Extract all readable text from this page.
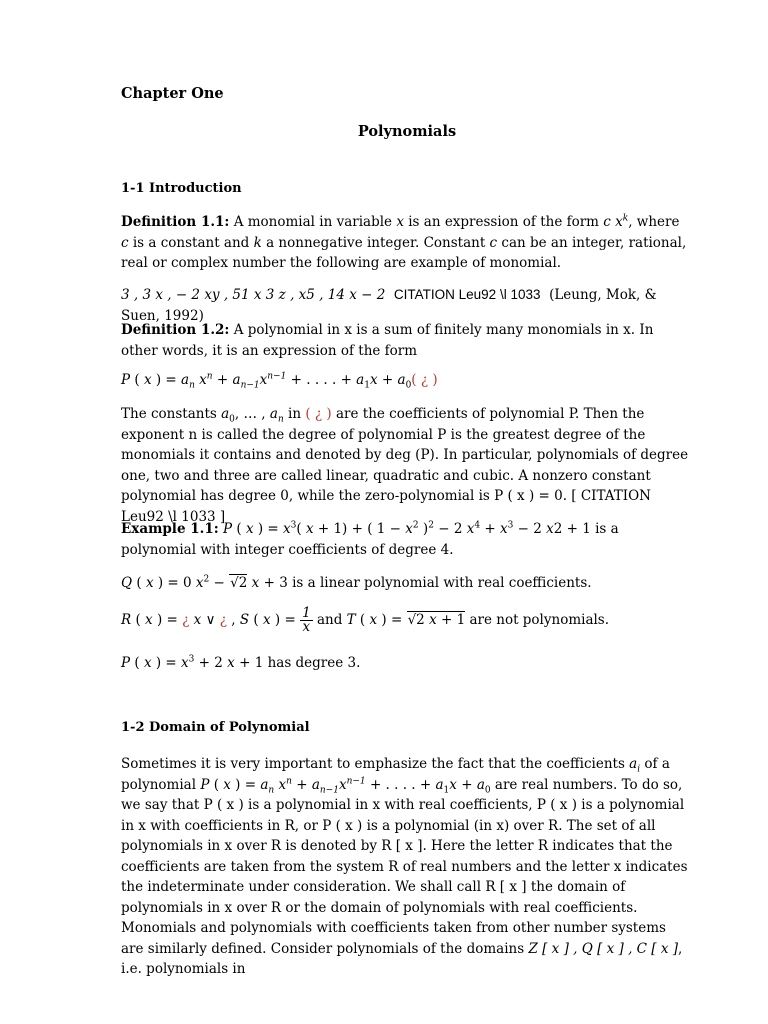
Chapter One

Polynomials

1-1 Introduction

Definition 1.1: A monomial in variable x is an expression of the form c $x^k$, where c is a constant and k a nonnegative integer. Constant c can be an integer, rational, real or complex number the following are example of monomial.

3 , 3 x , − 2 xy , 51 x 3 z , x5 , 14 x − 2 CITATION Leu92 \l 1033 (Leung, Mok, & Suen, 1992)

Definition 1.2: A polynomial in x is a sum of finitely many monomials in x. In other words, it is an expression of the form

P ( x ) = $a_n$ $x^n + a_{n-1}x^{n-1}$ + . . . . + $a_1x + a_0$( ¿ )

The constants $a_0$, … , $a_n$ in ( ¿ ) are the coefficients of polynomial P. Then the exponent n is called the degree of polynomial P is the greatest degree of the monomials it contains and denoted by deg (P). In particular, polynomials of degree one, two and three are called linear, quadratic and cubic. A nonzero constant polynomial has degree 0, while the zero-polynomial is P ( x ) = 0. [ CITATION Leu92 \l 1033 ]

Example 1.1: P ( x ) = $x^3$( x + 1) + ( $1 - x^2$ )$^2$ − 2 $x^4 + x^3 - 2$ x2 + 1 is a polynomial with integer coefficients of degree 4.

Q ( x ) = 0 $x^2 - √2$ x + 3 is a linear polynomial with real coefficients.

R ( x ) = ¿ x ∨ ¿ , S ( x ) = $\frac{1}{x}$ and T ( x ) = √2 x + 1 are not polynomials.

P ( x ) = $x^3 + 2$ x + 1 has degree 3.

1-2 Domain of Polynomial

Sometimes it is very important to emphasize the fact that the coefficients $a_i$ of a polynomial P ( x ) = $a_n$ $x^n + a_{n-1}x^{n-1}$ + . . . . + $a_1x + a_0$ are real numbers. To do so, we say that P ( x ) is a polynomial in x with real coefficients, P ( x ) is a polynomial in x with coefficients in R, or P ( x ) is a polynomial (in x) over R. The set of all polynomials in x over R is denoted by R [ x ]. Here the letter R indicates that the coefficients are taken from the system R of real numbers and the letter x indicates the indeterminate under consideration. We shall call R [ x ] the domain of polynomials in x over R or the domain of polynomials with real coefficients. Monomials and polynomials with coefficients taken from other number systems are similarly defined. Consider polynomials of the domains Z [ x ] , Q [ x ] , C [ x ], i.e. polynomials in
